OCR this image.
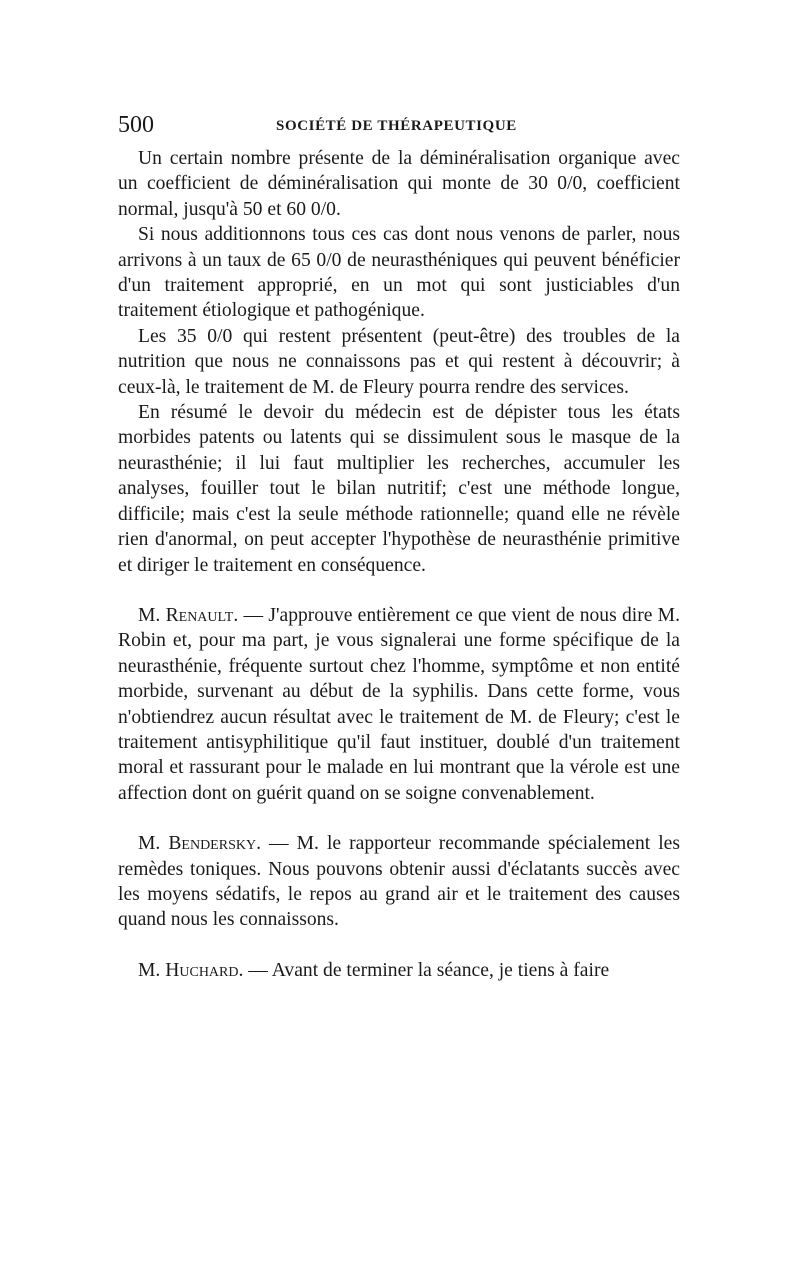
500	SOCIÉTÉ DE THÉRAPEUTIQUE

Un certain nombre présente de la déminéralisation organique avec un coefficient de déminéralisation qui monte de 30 0/0, coefficient normal, jusqu'à 50 et 60 0/0.

Si nous additionnons tous ces cas dont nous venons de parler, nous arrivons à un taux de 65 0/0 de neurasthéniques qui peuvent bénéficier d'un traitement approprié, en un mot qui sont justiciables d'un traitement étiologique et pathogénique.

Les 35 0/0 qui restent présentent (peut-être) des troubles de la nutrition que nous ne connaissons pas et qui restent à découvrir; à ceux-là, le traitement de M. de Fleury pourra rendre des services.

En résumé le devoir du médecin est de dépister tous les états morbides patents ou latents qui se dissimulent sous le masque de la neurasthénie; il lui faut multiplier les recherches, accumuler les analyses, fouiller tout le bilan nutritif; c'est une méthode longue, difficile; mais c'est la seule méthode rationnelle; quand elle ne révèle rien d'anormal, on peut accepter l'hypothèse de neurasthénie primitive et diriger le traitement en conséquence.

M. Renault. — J'approuve entièrement ce que vient de nous dire M. Robin et, pour ma part, je vous signalerai une forme spécifique de la neurasthénie, fréquente surtout chez l'homme, symptôme et non entité morbide, survenant au début de la syphilis. Dans cette forme, vous n'obtiendrez aucun résultat avec le traitement de M. de Fleury; c'est le traitement antisyphilitique qu'il faut instituer, doublé d'un traitement moral et rassurant pour le malade en lui montrant que la vérole est une affection dont on guérit quand on se soigne convenablement.

M. Bendersky. — M. le rapporteur recommande spécialement les remèdes toniques. Nous pouvons obtenir aussi d'éclatants succès avec les moyens sédatifs, le repos au grand air et le traitement des causes quand nous les connaissons.

M. Huchard. — Avant de terminer la séance, je tiens à faire
